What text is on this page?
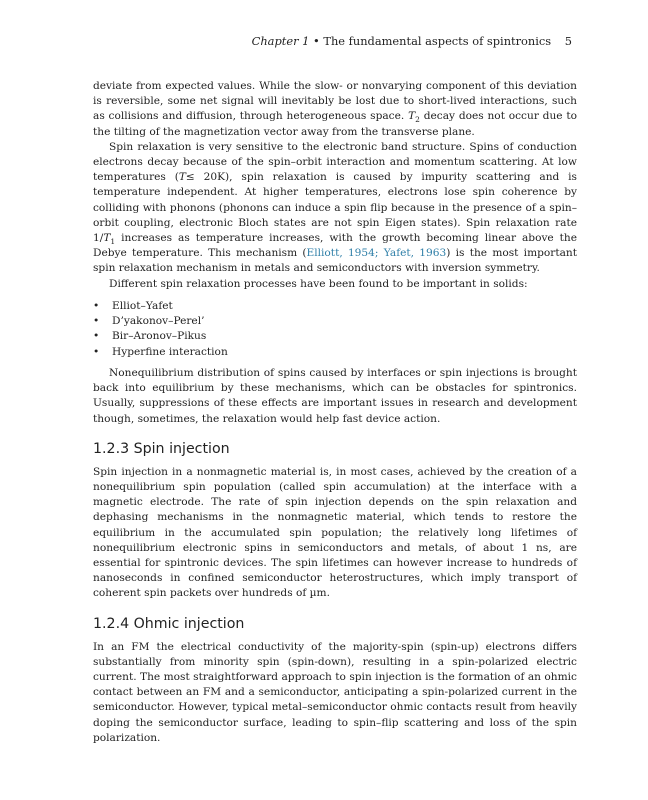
Chapter 1 • The fundamental aspects of spintronics 5

deviate from expected values. While the slow- or nonvarying component of this deviation is reversible, some net signal will inevitably be lost due to short-lived interactions, such as collisions and diffusion, through heterogeneous space. $T_2$ decay does not occur due to the tilting of the magnetization vector away from the transverse plane.

Spin relaxation is very sensitive to the electronic band structure. Spins of conduction electrons decay because of the spin–orbit interaction and momentum scattering. At low temperatures (T≤ 20K), spin relaxation is caused by impurity scattering and is temperature independent. At higher temperatures, electrons lose spin coherence by colliding with phonons (phonons can induce a spin flip because in the presence of a spin–orbit coupling, electronic Bloch states are not spin Eigen states). Spin relaxation rate $1/T_1$ increases as temperature increases, with the growth becoming linear above the Debye temperature. This mechanism (Elliott, 1954; Yafet, 1963) is the most important spin relaxation mechanism in metals and semiconductors with inversion symmetry.

Different spin relaxation processes have been found to be important in solids:

• Elliot–Yafet
• D’yakonov–Perel’
• Bir–Aronov–Pikus
• Hyperfine interaction

Nonequilibrium distribution of spins caused by interfaces or spin injections is brought back into equilibrium by these mechanisms, which can be obstacles for spintronics. Usually, suppressions of these effects are important issues in research and development though, sometimes, the relaxation would help fast device action.

1.2.3 Spin injection

Spin injection in a nonmagnetic material is, in most cases, achieved by the creation of a nonequilibrium spin population (called spin accumulation) at the interface with a magnetic electrode. The rate of spin injection depends on the spin relaxation and dephasing mechanisms in the nonmagnetic material, which tends to restore the equilibrium in the accumulated spin population; the relatively long lifetimes of nonequilibrium electronic spins in semiconductors and metals, of about 1 ns, are essential for spintronic devices. The spin lifetimes can however increase to hundreds of nanoseconds in confined semiconductor heterostructures, which imply transport of coherent spin packets over hundreds of µm.

1.2.4 Ohmic injection

In an FM the electrical conductivity of the majority-spin (spin-up) electrons differs substantially from minority spin (spin-down), resulting in a spin-polarized electric current. The most straightforward approach to spin injection is the formation of an ohmic contact between an FM and a semiconductor, anticipating a spin-polarized current in the semiconductor. However, typical metal–semiconductor ohmic contacts result from heavily doping the semiconductor surface, leading to spin–flip scattering and loss of the spin polarization.
